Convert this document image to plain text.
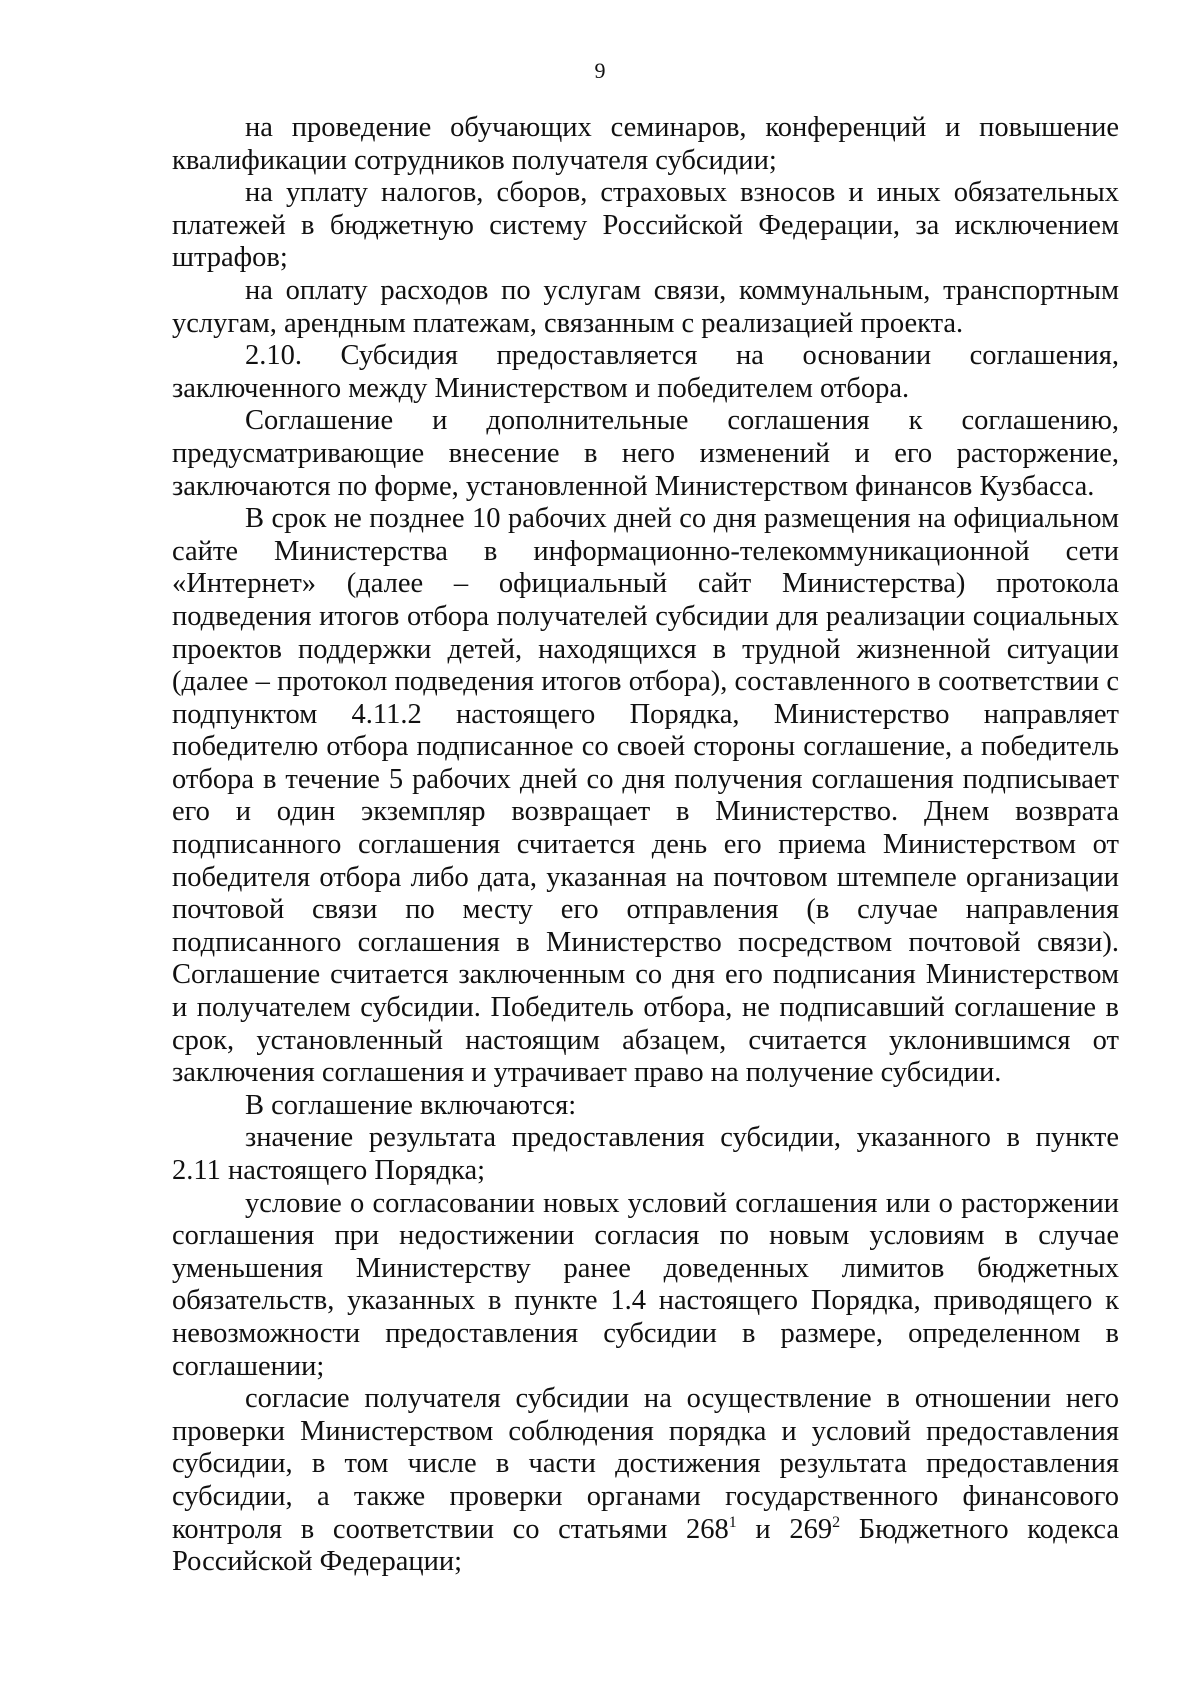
9

на проведение обучающих семинаров, конференций и повышение квалификации сотрудников получателя субсидии;

на уплату налогов, сборов, страховых взносов и иных обязательных платежей в бюджетную систему Российской Федерации, за исключением штрафов;

на оплату расходов по услугам связи, коммунальным, транспортным услугам, арендным платежам, связанным с реализацией проекта.

2.10. Субсидия предоставляется на основании соглашения, заключенного между Министерством и победителем отбора.

Соглашение и дополнительные соглашения к соглашению, предусматривающие внесение в него изменений и его расторжение, заключаются по форме, установленной Министерством финансов Кузбасса.

В срок не позднее 10 рабочих дней со дня размещения на официальном сайте Министерства в информационно-телекоммуникационной сети «Интернет» (далее – официальный сайт Министерства) протокола подведения итогов отбора получателей субсидии для реализации социальных проектов поддержки детей, находящихся в трудной жизненной ситуации (далее – протокол подведения итогов отбора), составленного в соответствии с подпунктом 4.11.2 настоящего Порядка, Министерство направляет победителю отбора подписанное со своей стороны соглашение, а победитель отбора в течение 5 рабочих дней со дня получения соглашения подписывает его и один экземпляр возвращает в Министерство. Днем возврата подписанного соглашения считается день его приема Министерством от победителя отбора либо дата, указанная на почтовом штемпеле организации почтовой связи по месту его отправления (в случае направления подписанного соглашения в Министерство посредством почтовой связи). Соглашение считается заключенным со дня его подписания Министерством и получателем субсидии. Победитель отбора, не подписавший соглашение в срок, установленный настоящим абзацем, считается уклонившимся от заключения соглашения и утрачивает право на получение субсидии.

В соглашение включаются:

значение результата предоставления субсидии, указанного в пункте 2.11 настоящего Порядка;

условие о согласовании новых условий соглашения или о расторжении соглашения при недостижении согласия по новым условиям в случае уменьшения Министерству ранее доведенных лимитов бюджетных обязательств, указанных в пункте 1.4 настоящего Порядка, приводящего к невозможности предоставления субсидии в размере, определенном в соглашении;

согласие получателя субсидии на осуществление в отношении него проверки Министерством соблюдения порядка и условий предоставления субсидии, в том числе в части достижения результата предоставления субсидии, а также проверки органами государственного финансового контроля в соответствии со статьями $268^1$ и $269^2$ Бюджетного кодекса Российской Федерации;
